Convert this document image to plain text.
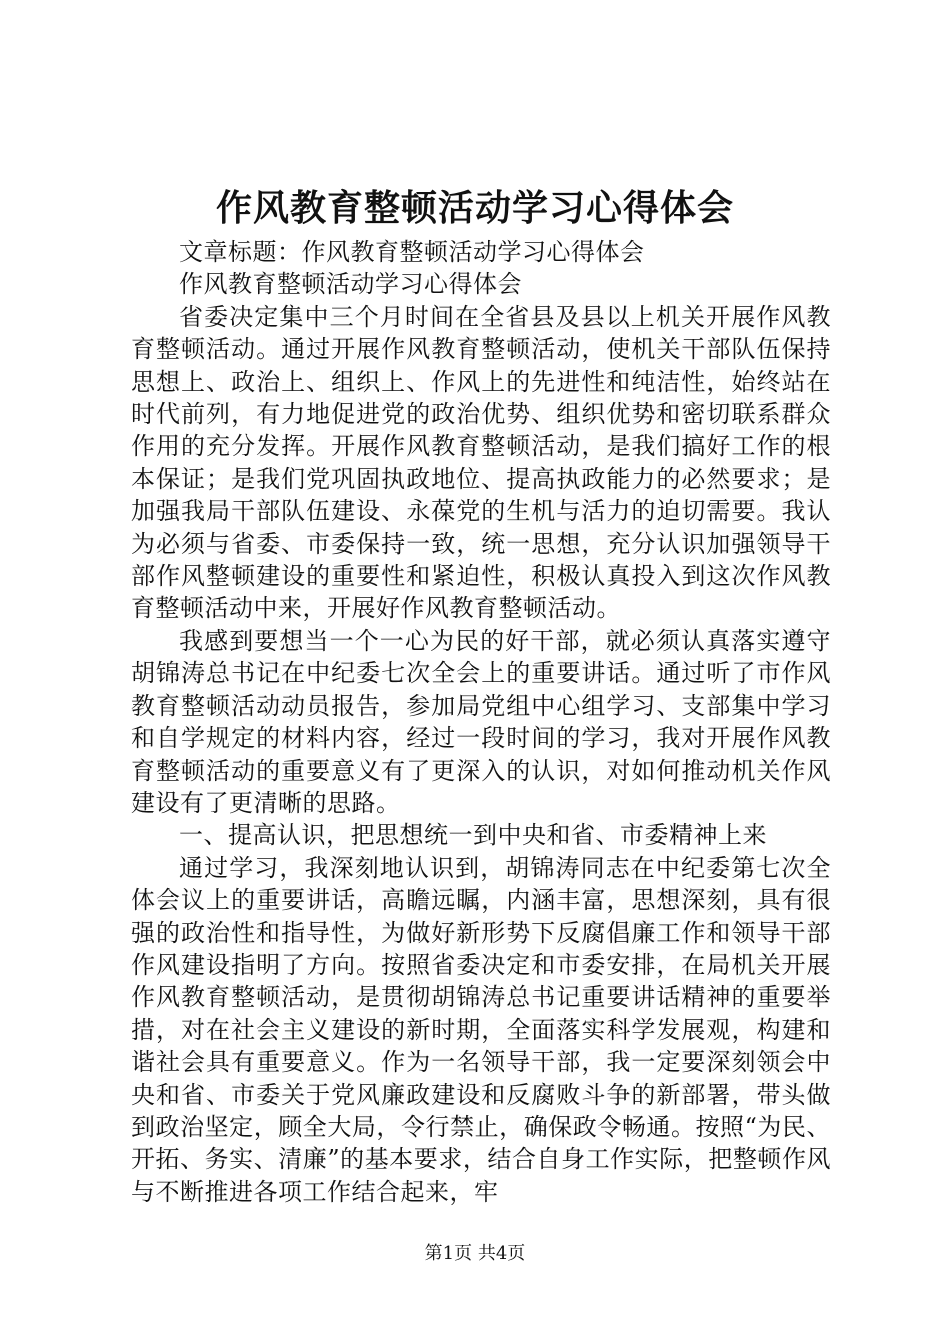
作风教育整顿活动学习心得体会

文章标题：作风教育整顿活动学习心得体会

作风教育整顿活动学习心得体会

省委决定集中三个月时间在全省县及县以上机关开展作风教育整顿活动。通过开展作风教育整顿活动，使机关干部队伍保持思想上、政治上、组织上、作风上的先进性和纯洁性，始终站在时代前列，有力地促进党的政治优势、组织优势和密切联系群众作用的充分发挥。开展作风教育整顿活动，是我们搞好工作的根本保证；是我们党巩固执政地位、提高执政能力的必然要求；是加强我局干部队伍建设、永葆党的生机与活力的迫切需要。我认为必须与省委、市委保持一致，统一思想，充分认识加强领导干部作风整顿建设的重要性和紧迫性，积极认真投入到这次作风教育整顿活动中来，开展好作风教育整顿活动。

我感到要想当一个一心为民的好干部，就必须认真落实遵守胡锦涛总书记在中纪委七次全会上的重要讲话。通过听了市作风教育整顿活动动员报告，参加局党组中心组学习、支部集中学习和自学规定的材料内容，经过一段时间的学习，我对开展作风教育整顿活动的重要意义有了更深入的认识，对如何推动机关作风建设有了更清晰的思路。

一、提高认识，把思想统一到中央和省、市委精神上来

通过学习，我深刻地认识到，胡锦涛同志在中纪委第七次全体会议上的重要讲话，高瞻远瞩，内涵丰富，思想深刻，具有很强的政治性和指导性，为做好新形势下反腐倡廉工作和领导干部作风建设指明了方向。按照省委决定和市委安排，在局机关开展作风教育整顿活动，是贯彻胡锦涛总书记重要讲话精神的重要举措，对在社会主义建设的新时期，全面落实科学发展观，构建和谐社会具有重要意义。作为一名领导干部，我一定要深刻领会中央和省、市委关于党风廉政建设和反腐败斗争的新部署，带头做到政治坚定，顾全大局，令行禁止，确保政令畅通。按照“为民、开拓、务实、清廉”的基本要求，结合自身工作实际，把整顿作风与不断推进各项工作结合起来，牢

第1页 共4页
